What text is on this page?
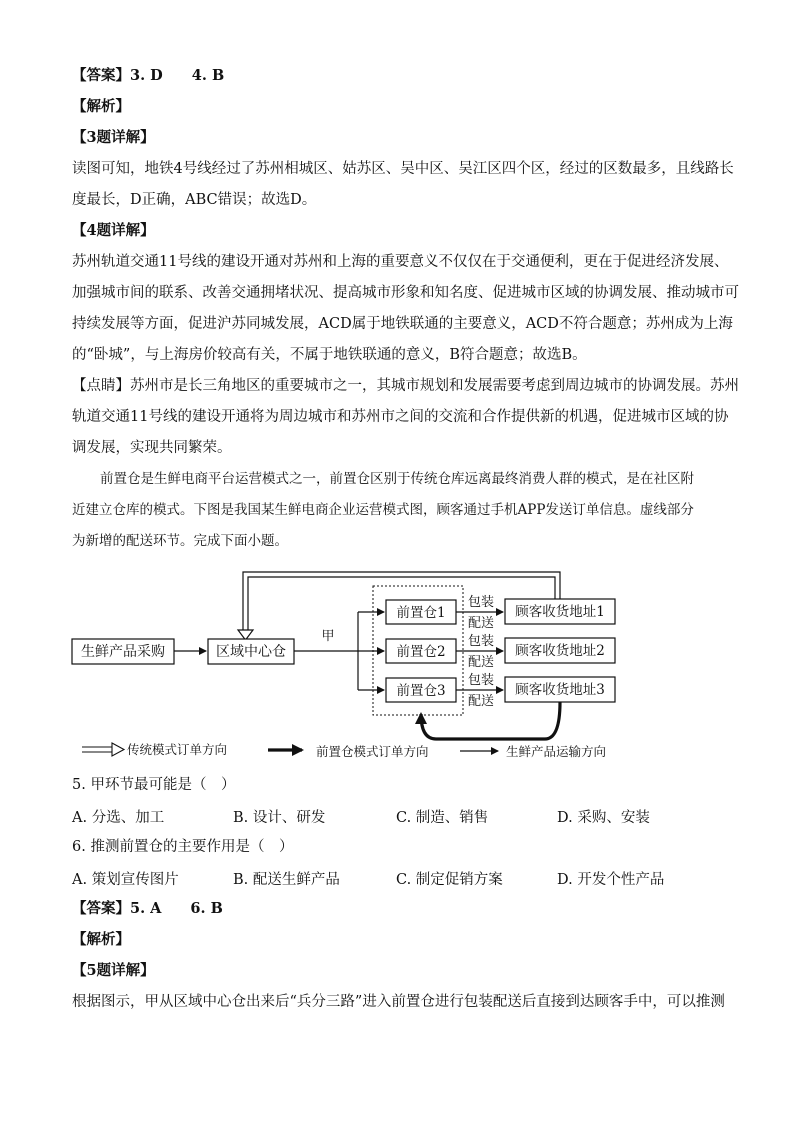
【答案】3. D　　4. B
【解析】
【3题详解】
读图可知，地铁4号线经过了苏州相城区、姑苏区、吴中区、吴江区四个区，经过的区数最多，且线路长
度最长，D正确，ABC错误；故选D。
【4题详解】
苏州轨道交通11号线的建设开通对苏州和上海的重要意义不仅仅在于交通便利，更在于促进经济发展、
加强城市间的联系、改善交通拥堵状况、提高城市形象和知名度、促进城市区域的协调发展、推动城市可
持续发展等方面，促进沪苏同城发展，ACD属于地铁联通的主要意义，ACD不符合题意；苏州成为上海
的“卧城”，与上海房价较高有关，不属于地铁联通的意义，B符合题意；故选B。
【点睛】苏州市是长三角地区的重要城市之一，其城市规划和发展需要考虑到周边城市的协调发展。苏州
轨道交通11号线的建设开通将为周边城市和苏州市之间的交流和合作提供新的机遇，促进城市区域的协
调发展，实现共同繁荣。
前置仓是生鲜电商平台运营模式之一，前置仓区别于传统仓库远离最终消费人群的模式，是在社区附
近建立仓库的模式。下图是我国某生鲜电商企业运营模式图，顾客通过手机APP发送订单信息。虚线部分
为新增的配送环节。完成下面小题。
生鲜产品采购	区域中心仓
甲
前置仓1
前置仓2
前置仓3
包装
配送
包装
配送
包装
配送
顾客收货地址1
顾客收货地址2
顾客收货地址3
传统模式订单方向	前置仓模式订单方向	生鲜产品运输方向
5. 甲环节最可能是（　）
A. 分选、加工	B. 设计、研发	C. 制造、销售	D. 采购、安装
6. 推测前置仓的主要作用是（　）
A. 策划宣传图片	B. 配送生鲜产品	C. 制定促销方案	D. 开发个性产品
【答案】5. A　　6. B
【解析】
【5题详解】
根据图示，甲从区域中心仓出来后“兵分三路”进入前置仓进行包装配送后直接到达顾客手中，可以推测
